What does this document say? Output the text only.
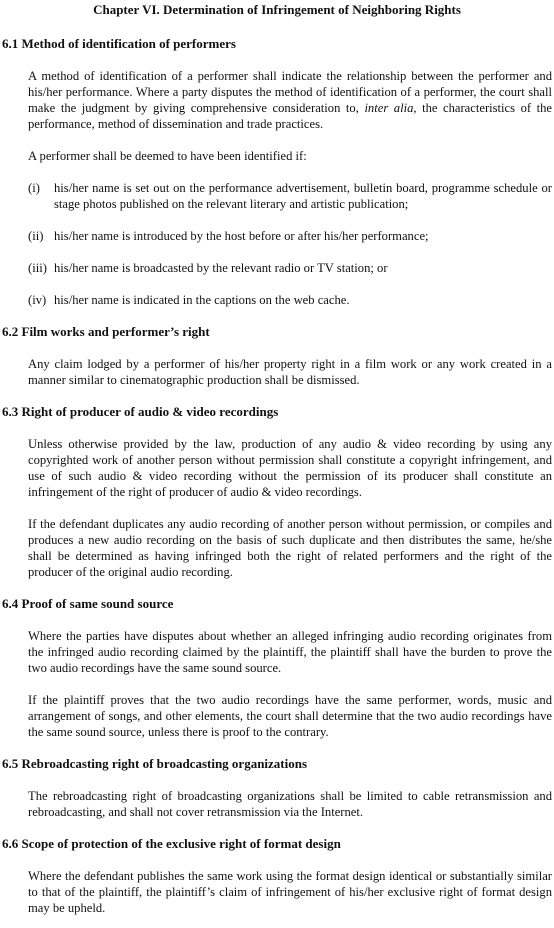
Chapter VI. Determination of Infringement of Neighboring Rights
6.1 Method of identification of performers

A method of identification of a performer shall indicate the relationship between the performer and his/her performance. Where a party disputes the method of identification of a performer, the court shall make the judgment by giving comprehensive consideration to, inter alia, the characteristics of the performance, method of dissemination and trade practices.

A performer shall be deemed to have been identified if:

(i)	his/her name is set out on the performance advertisement, bulletin board, programme schedule or stage photos published on the relevant literary and artistic publication;
(ii) his/her name is introduced by the host before or after his/her performance;
(iii) his/her name is broadcasted by the relevant radio or TV station; or
(iv) his/her name is indicated in the captions on the web cache.
6.2 Film works and performer’s right

Any claim lodged by a performer of his/her property right in a film work or any work created in a manner similar to cinematographic production shall be dismissed.

6.3 Right of producer of audio & video recordings

Unless otherwise provided by the law, production of any audio & video recording by using any copyrighted work of another person without permission shall constitute a copyright infringement, and use of such audio & video recording without the permission of its producer shall constitute an infringement of the right of producer of audio & video recordings.

If the defendant duplicates any audio recording of another person without permission, or compiles and produces a new audio recording on the basis of such duplicate and then distributes the same, he/she shall be determined as having infringed both the right of related performers and the right of the producer of the original audio recording.

6.4 Proof of same sound source

Where the parties have disputes about whether an alleged infringing audio recording originates from the infringed audio recording claimed by the plaintiff, the plaintiff shall have the burden to prove the two audio recordings have the same sound source.

If the plaintiff proves that the two audio recordings have the same performer, words, music and arrangement of songs, and other elements, the court shall determine that the two audio recordings have the same sound source, unless there is proof to the contrary.

6.5 Rebroadcasting right of broadcasting organizations

The rebroadcasting right of broadcasting organizations shall be limited to cable retransmission and rebroadcasting, and shall not cover retransmission via the Internet.

6.6 Scope of protection of the exclusive right of format design

Where the defendant publishes the same work using the format design identical or substantially similar to that of the plaintiff, the plaintiff’s claim of infringement of his/her exclusive right of format design may be upheld.
